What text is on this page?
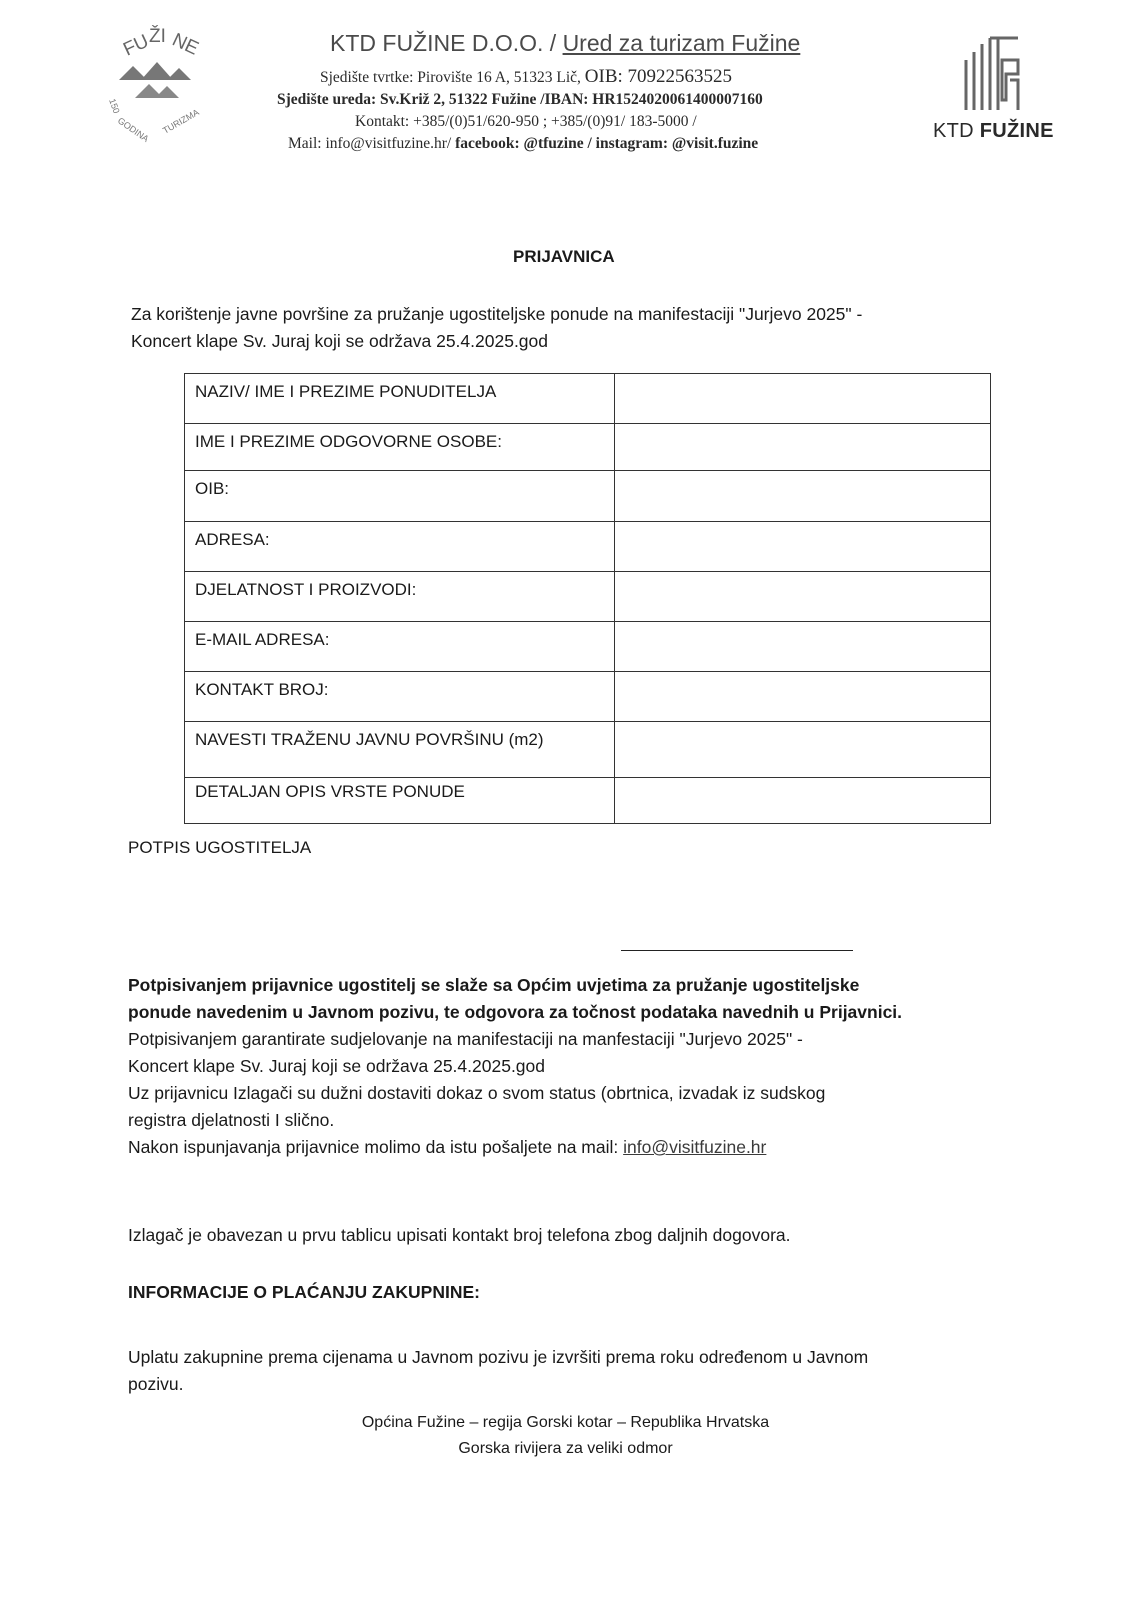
FU
ŽI NE
150
GODINA TURIZMA
KTD FUŽINE D.O.O. / Ured za turizam Fužine
Sjedište tvrtke: Pirovište 16 A, 51323 Lič, OIB: 70922563525
Sjedište ureda: Sv.Križ 2, 51322 Fužine /IBAN: HR1524020061400007160
Kontakt: +385/(0)51/620-950 ; +385/(0)91/ 183-5000 /
Mail: info@visitfuzine.hr/ facebook: @tfuzine / instagram: @visit.fuzine
KTD FUŽINE
PRIJAVNICA
Za korištenje javne površine za pružanje ugostiteljske ponude na manifestaciji "Jurjevo 2025" -
Koncert klape Sv. Juraj koji se održava 25.4.2025.god
NAZIV/ IME I PREZIME PONUDITELJA	
IME I PREZIME ODGOVORNE OSOBE:	
OIB:	
ADRESA:	
DJELATNOST I PROIZVODI:	
E-MAIL ADRESA:	
KONTAKT BROJ:	
NAVESTI TRAŽENU JAVNU POVRŠINU (m2)	
DETALJAN OPIS VRSTE PONUDE	
POTPIS UGOSTITELJA
Potpisivanjem prijavnice ugostitelj se slaže sa Općim uvjetima za pružanje ugostiteljske
ponude navedenim u Javnom pozivu, te odgovora za točnost podataka navednih u Prijavnici.
Potpisivanjem garantirate sudjelovanje na manifestaciji na manfestaciji "Jurjevo 2025" -
Koncert klape Sv. Juraj koji se održava 25.4.2025.god
Uz prijavnicu Izlagači su dužni dostaviti dokaz o svom status (obrtnica, izvadak iz sudskog
registra djelatnosti I slično.
Nakon ispunjavanja prijavnice molimo da istu pošaljete na mail: info@visitfuzine.hr
Izlagač je obavezan u prvu tablicu upisati kontakt broj telefona zbog daljnih dogovora.
INFORMACIJE O PLAĆANJU ZAKUPNINE:
Uplatu zakupnine prema cijenama u Javnom pozivu je izvršiti prema roku određenom u Javnom
pozivu.
Općina Fužine – regija Gorski kotar – Republika Hrvatska
Gorska rivijera za veliki odmor
